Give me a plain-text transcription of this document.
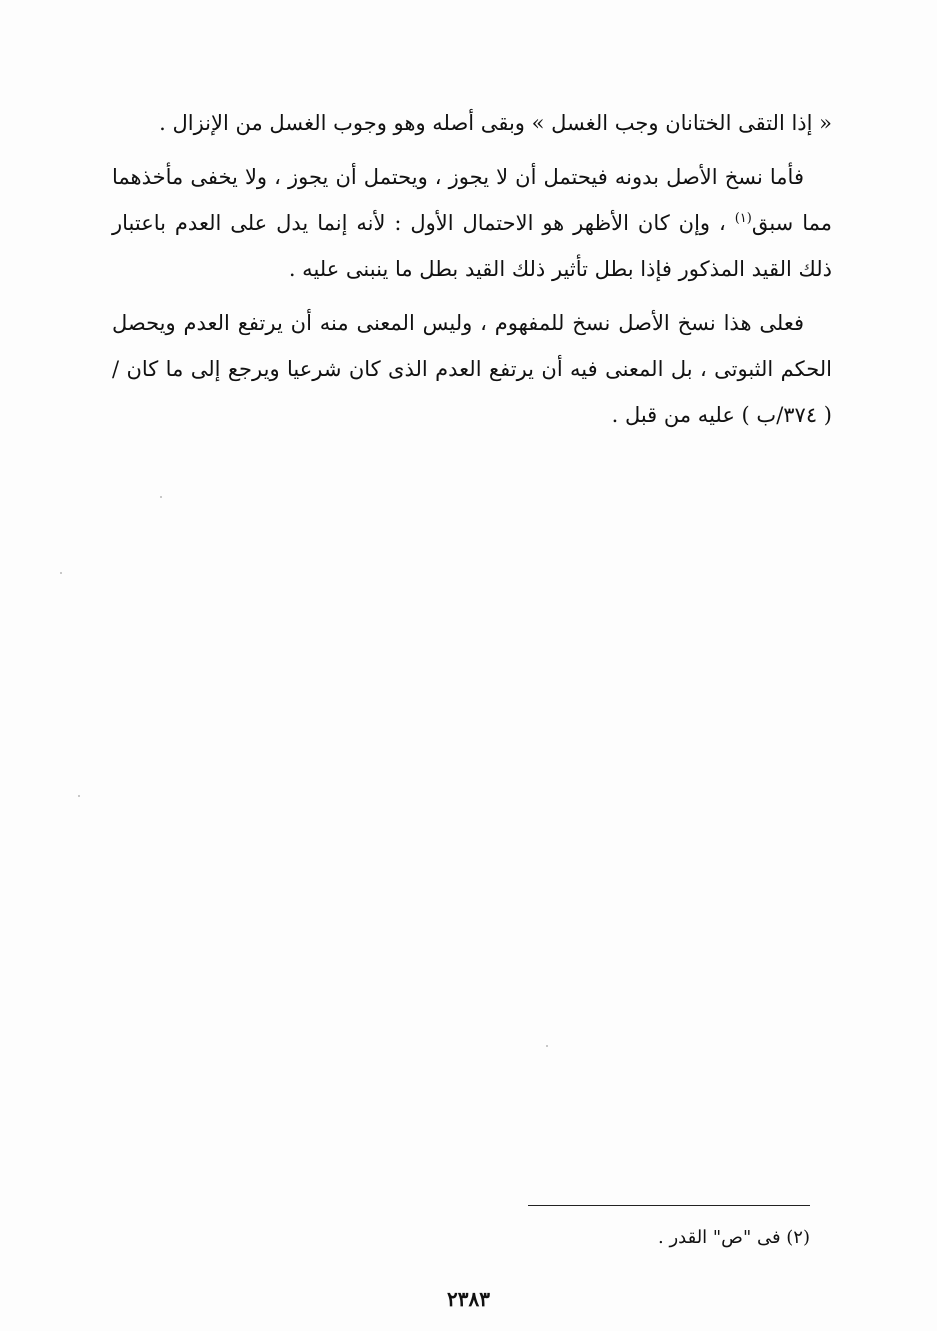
« إذا التقى الختانان وجب الغسل » وبقى أصله وهو وجوب الغسل من الإنزال .

فأما نسخ الأصل بدونه فيحتمل أن لا يجوز ، ويحتمل أن يجوز ، ولا يخفى مأخذهما مما سبق$^{(١)}$ ، وإن كان الأظهر هو الاحتمال الأول : لأنه إنما يدل على العدم باعتبار ذلك القيد المذكور فإذا بطل تأثير ذلك القيد بطل ما ينبنى عليه .

فعلى هذا نسخ الأصل نسخ للمفهوم ، وليس المعنى منه أن يرتفع العدم ويحصل الحكم الثبوتى ، بل المعنى فيه أن يرتفع العدم الذى كان شرعيا ويرجع إلى ما كان / ( ٣٧٤/ب ) عليه من قبل .

(٢) فى "ص" القدر .
٢٣٨٣
